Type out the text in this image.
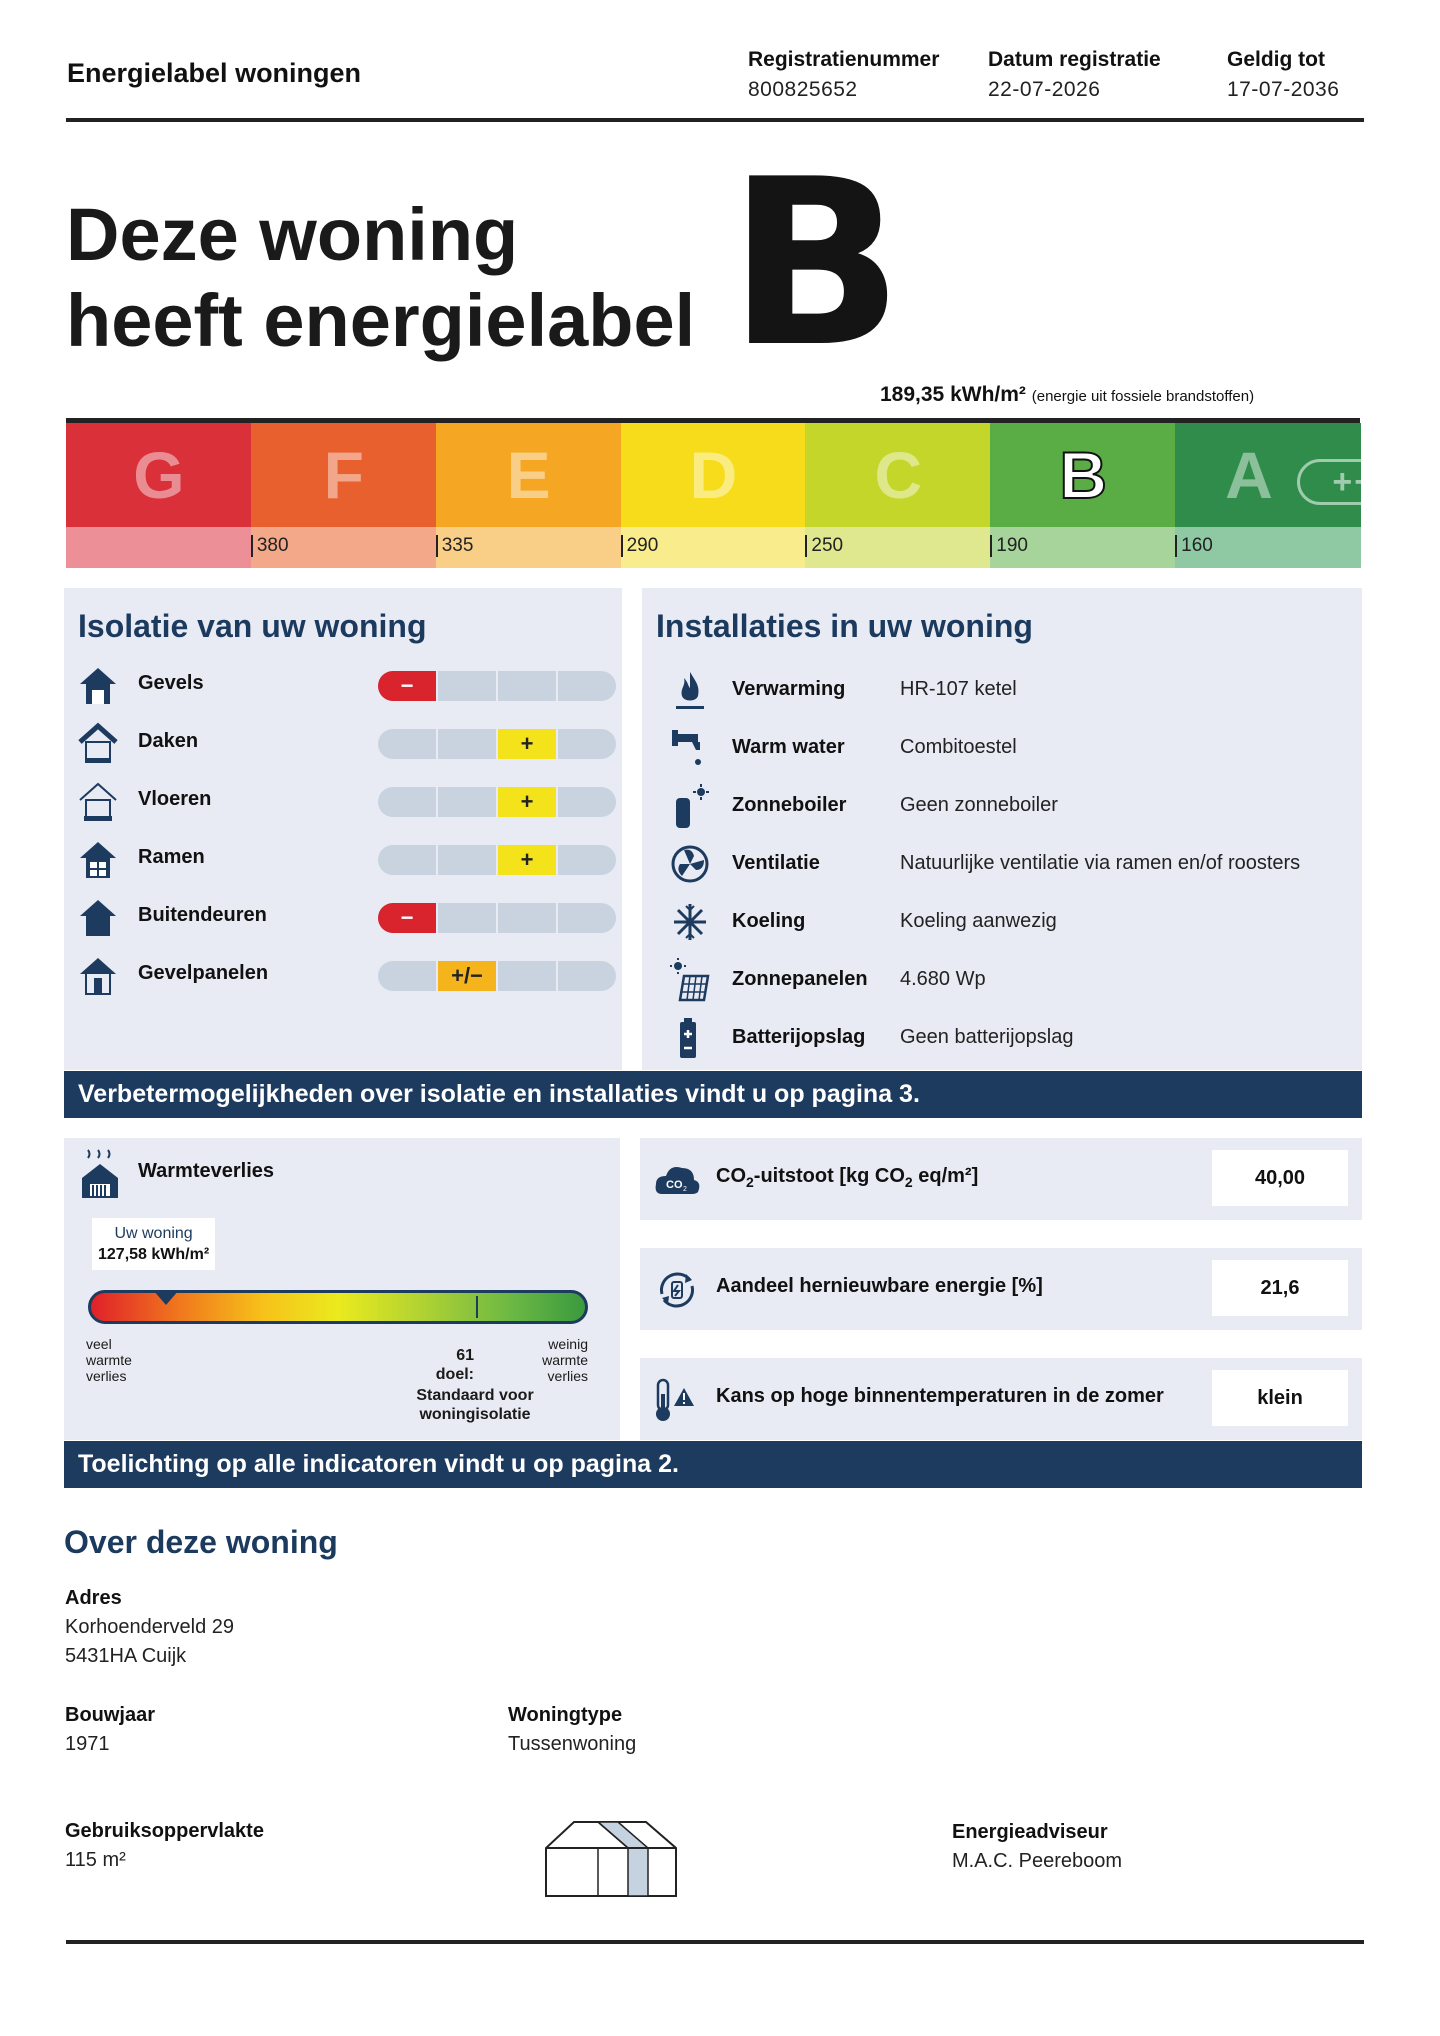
Energielabel woningen	Registratienummer
800825652
Datum registratie
22-07-2026
Geldig tot
17-07-2036
Deze woning
heeft energielabel B
189,35 kWh/m² (energie uit fossiele brandstoffen)
G F
380
E
335
D
290
C
250
B
190
A	++++
160
Isolatie van uw woning
Gevels	−
Daken	+
Vloeren	+
Ramen	+
Buitendeuren	−
Gevelpanelen	+/−
Installaties in uw woning
Verwarming	HR-107 ketel
Warm water	Combitoestel
Zonneboiler	Geen zonneboiler
Ventilatie	Natuurlijke ventilatie via ramen en/of roosters
Koeling	Koeling aanwezig
Zonnepanelen 4.680 Wp
Batterijopslag Geen batterijopslag
Verbetermogelijkheden over isolatie en installaties vindt u op pagina 3.
Warmteverlies
Uw woning
127,58 kWh/m²
veel warmte verlies
weinig warmte verlies
61
doel:
Standaard voor woningisolatie
CO 2
$CO_2$-uitstoot [kg $CO_2$ eq/m²]	40,00
Aandeel hernieuwbare energie [%]	21,6
Kans op hoge binnentemperaturen in de zomer	klein
Toelichting op alle indicatoren vindt u op pagina 2.
Over deze woning
Adres
Korhoenderveld 29
5431HA Cuijk
Bouwjaar
1971
Woningtype
Tussenwoning
Gebruiksoppervlakte
115 m²
Energieadviseur
M.A.C. Peereboom
